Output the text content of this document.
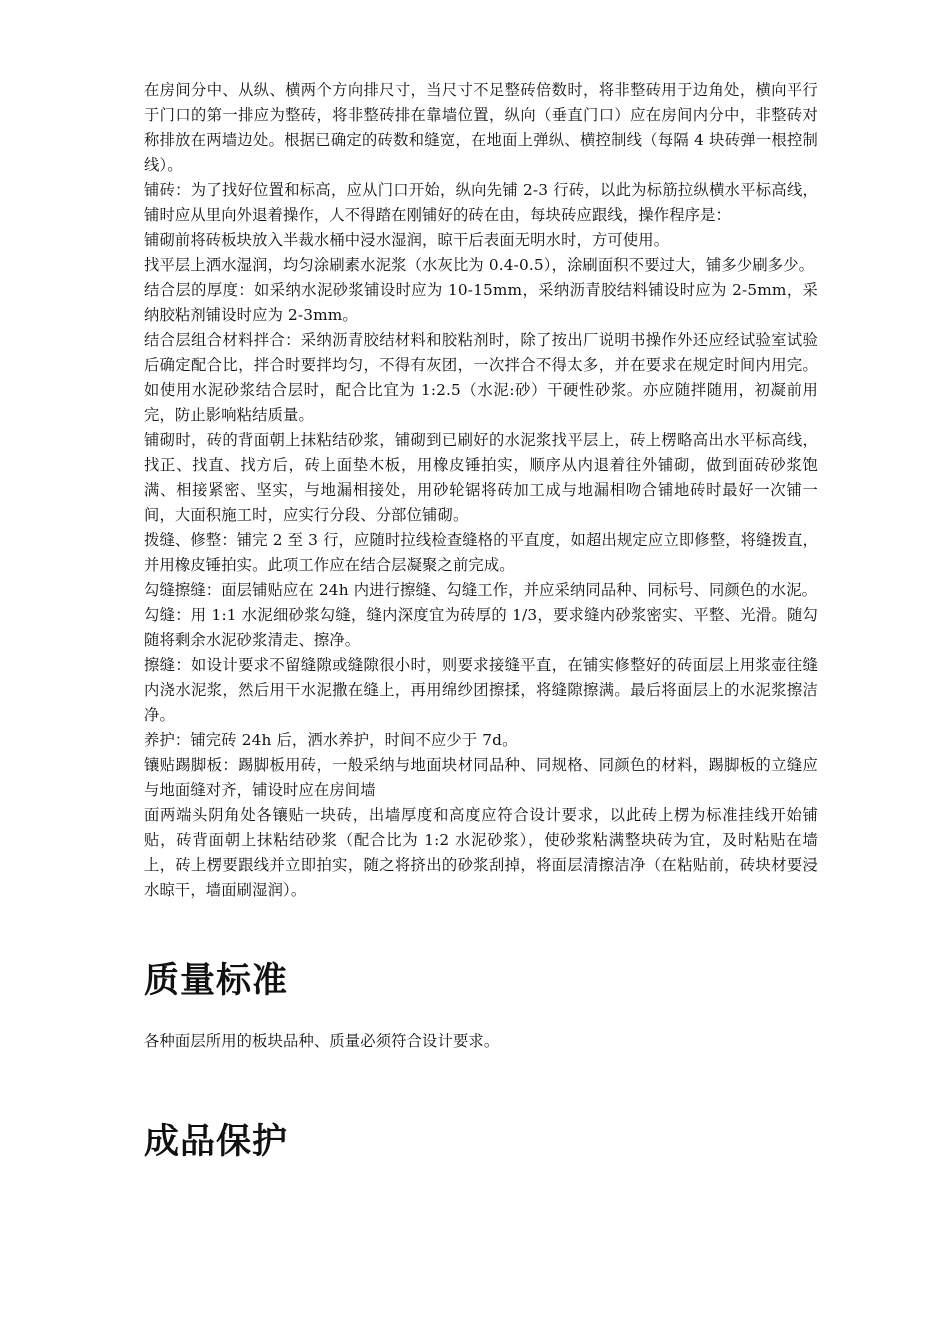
在房间分中、从纵、横两个方向排尺寸，当尺寸不足整砖倍数时，将非整砖用于边角处，横向平行于门口的第一排应为整砖，将非整砖排在靠墙位置，纵向（垂直门口）应在房间内分中，非整砖对称排放在两墙边处。根据已确定的砖数和缝宽，在地面上弹纵、横控制线（每隔 4 块砖弹一根控制线）。

铺砖：为了找好位置和标高，应从门口开始，纵向先铺 2-3 行砖，以此为标筋拉纵横水平标高线，铺时应从里向外退着操作，人不得踏在刚铺好的砖在由，每块砖应跟线，操作程序是：

铺砌前将砖板块放入半裁水桶中浸水湿润，晾干后表面无明水时，方可使用。

找平层上洒水湿润，均匀涂刷素水泥浆（水灰比为 0.4-0.5），涂刷面积不要过大，铺多少刷多少。

结合层的厚度：如采纳水泥砂浆铺设时应为 10-15mm，采纳沥青胶结料铺设时应为 2-5mm，采纳胶粘剂铺设时应为 2-3mm。

结合层组合材料拌合：采纳沥青胶结材料和胶粘剂时，除了按出厂说明书操作外还应经试验室试验后确定配合比，拌合时要拌均匀，不得有灰团，一次拌合不得太多，并在要求在规定时间内用完。如使用水泥砂浆结合层时，配合比宜为 1:2.5（水泥:砂）干硬性砂浆。亦应随拌随用，初凝前用完，防止影响粘结质量。

铺砌时，砖的背面朝上抹粘结砂浆，铺砌到已刷好的水泥浆找平层上，砖上楞略高出水平标高线，找正、找直、找方后，砖上面垫木板，用橡皮锤拍实，顺序从内退着往外铺砌，做到面砖砂浆饱满、相接紧密、坚实，与地漏相接处，用砂轮锯将砖加工成与地漏相吻合铺地砖时最好一次铺一间，大面积施工时，应实行分段、分部位铺砌。

拨缝、修整：铺完 2 至 3 行，应随时拉线检查缝格的平直度，如超出规定应立即修整，将缝拨直，并用橡皮锤拍实。此项工作应在结合层凝聚之前完成。

勾缝擦缝：面层铺贴应在 24h 内进行擦缝、勾缝工作，并应采纳同品种、同标号、同颜色的水泥。

勾缝：用 1:1 水泥细砂浆勾缝，缝内深度宜为砖厚的 1/3，要求缝内砂浆密实、平整、光滑。随勾随将剩余水泥砂浆清走、擦净。

擦缝：如设计要求不留缝隙或缝隙很小时，则要求接缝平直，在铺实修整好的砖面层上用浆壶往缝内浇水泥浆，然后用干水泥撒在缝上，再用绵纱团擦揉，将缝隙擦满。最后将面层上的水泥浆擦洁净。

养护：铺完砖 24h 后，洒水养护，时间不应少于 7d。

镶贴踢脚板：踢脚板用砖，一般采纳与地面块材同品种、同规格、同颜色的材料，踢脚板的立缝应与地面缝对齐，铺设时应在房间墙

面两端头阴角处各镶贴一块砖，出墙厚度和高度应符合设计要求，以此砖上楞为标准挂线开始铺贴，砖背面朝上抹粘结砂浆（配合比为 1:2 水泥砂浆），使砂浆粘满整块砖为宜，及时粘贴在墙上，砖上楞要跟线并立即拍实，随之将挤出的砂浆刮掉，将面层清擦洁净（在粘贴前，砖块材要浸水晾干，墙面刷湿润）。

质量标准

各种面层所用的板块品种、质量必须符合设计要求。

成品保护
